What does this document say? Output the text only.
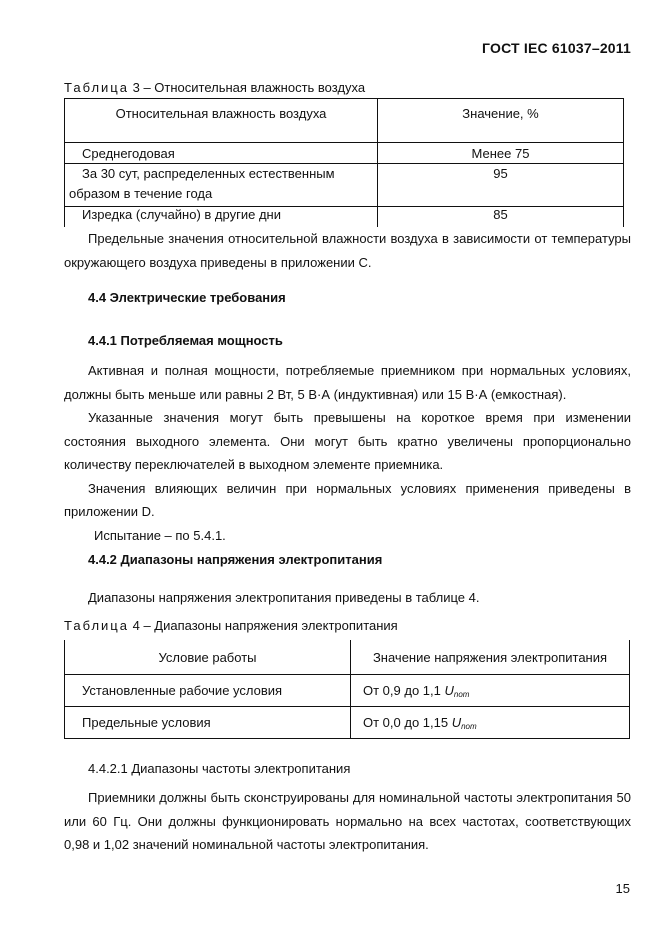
ГОСТ IEC 61037–2011
Таблица 3 – Относительная влажность воздуха
Относительная влажность воздуха	Значение, %
Среднегодовая	Менее 75

За 30 сут, распределенных естественным
образом в течение года	95
Изредка (случайно) в другие дни	85

Предельные значения относительной влажности воздуха в зависимости от температуры окружающего воздуха приведены в приложении С.

4.4 Электрические требования
4.4.1 Потребляемая мощность

Активная и полная мощности, потребляемые приемником при нормальных условиях, должны быть меньше или равны 2 Вт, 5 В·А (индуктивная) или 15 В·А (емкостная).

Указанные значения могут быть превышены на короткое время при изменении состояния выходного элемента. Они могут быть кратно увеличены пропорционально количеству переключателей в выходном элементе приемника.

Значения влияющих величин при нормальных условиях применения приведены в приложении D.

Испытание – по 5.4.1.

4.4.2 Диапазоны напряжения электропитания

Диапазоны напряжения электропитания приведены в таблице 4.

Таблица 4 – Диапазоны напряжения электропитания
Условие работы	Значение напряжения электропитания
Установленные рабочие условия	От 0,9 до 1,1 $U_{nom}$
Предельные условия	От 0,0 до 1,15 $U_{nom}$
4.4.2.1 Диапазоны частоты электропитания

Приемники должны быть сконструированы для номинальной частоты электропитания 50 или 60 Гц. Они должны функционировать нормально на всех частотах, соответствующих 0,98 и 1,02 значений номинальной частоты электропитания.

15
